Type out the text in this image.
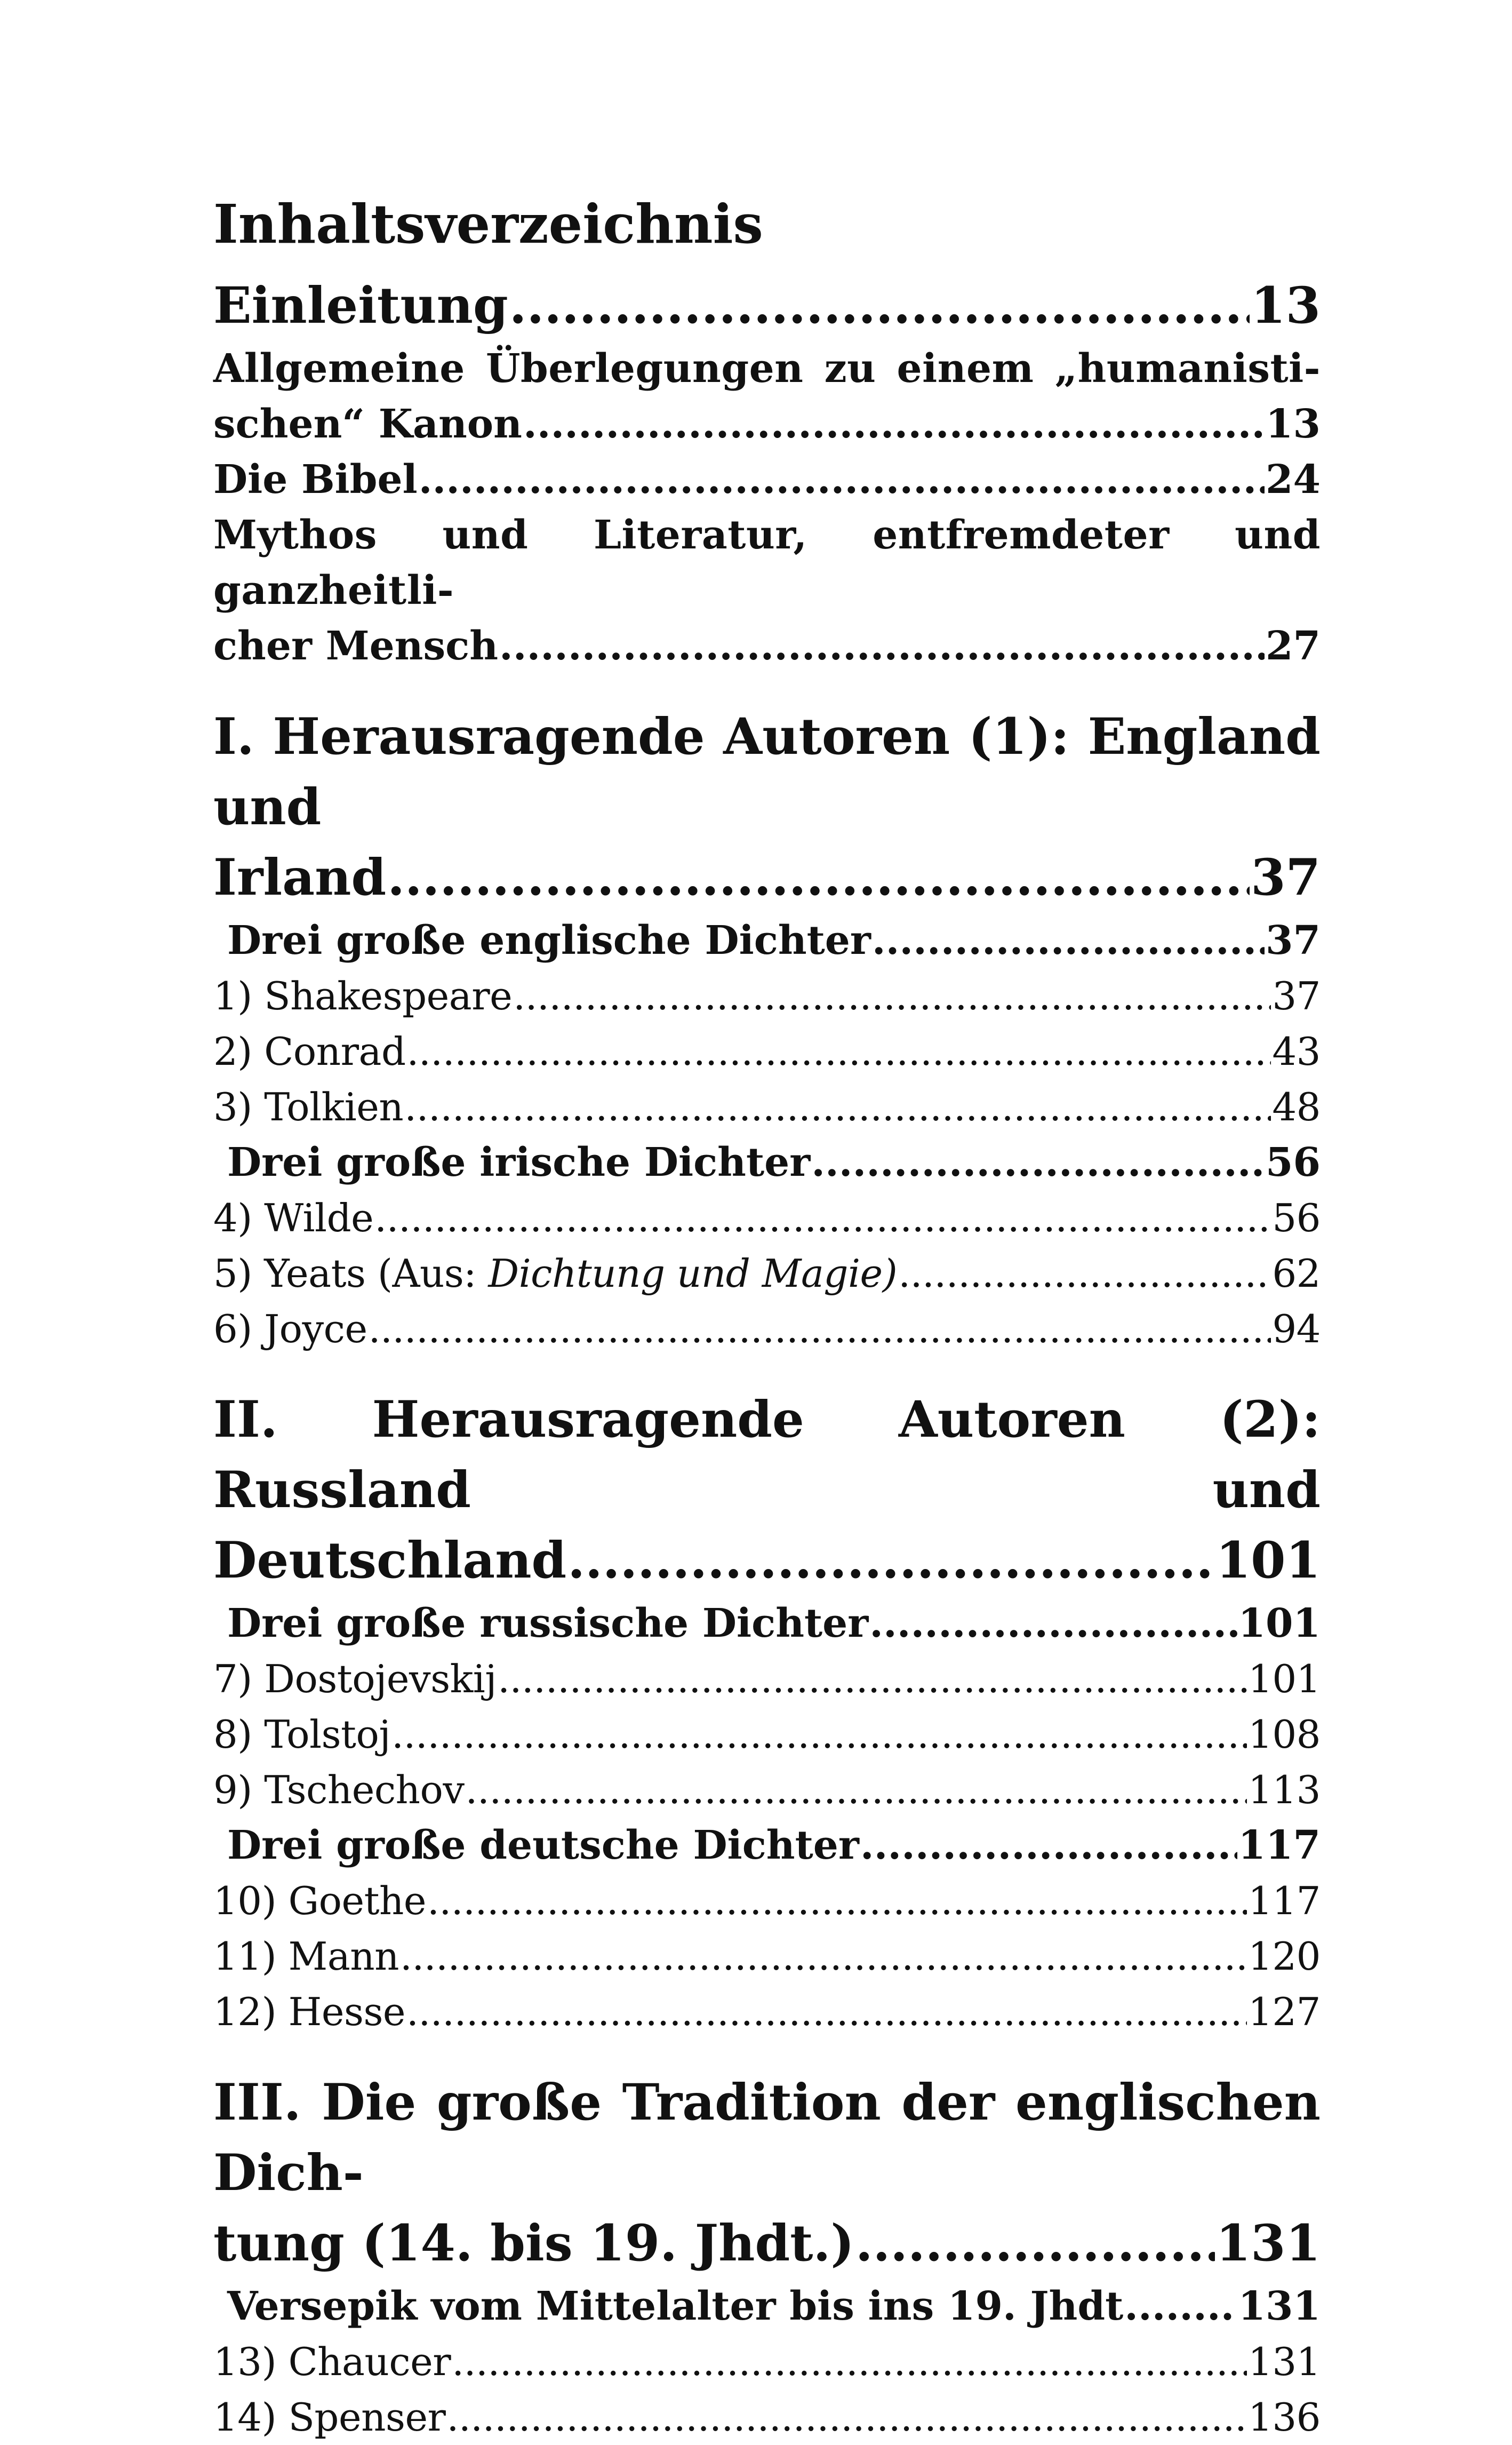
Inhaltsverzeichnis
Einleitung .....	13
Allgemeine Überlegungen zu einem „humanisti-
schen“ Kanon .....	13
Die Bibel .....	24
Mythos und Literatur, entfremdeter und ganzheitli-
cher Mensch .....	27
I. Herausragende Autoren (1): England und
Irland .....	37
Drei große englische Dichter .....	37
1) Shakespeare .....	37
2) Conrad .....	43
3) Tolkien .....	48
Drei große irische Dichter .....	56
4) Wilde .....	56
5) Yeats (Aus: Dichtung und Magie) .....	62
6) Joyce .....	94
II. Herausragende Autoren (2): Russland und
Deutschland .....	101
Drei große russische Dichter .....	101
7) Dostojevskij .....	101
8) Tolstoj .....	108
9) Tschechov .....	113
Drei große deutsche Dichter .....	117
10) Goethe .....	117
11) Mann .....	120
12) Hesse .....	127
III. Die große Tradition der englischen Dich-
tung (14. bis 19. Jhdt.) .....	131
Versepik vom Mittelalter bis ins 19. Jhdt .....	131
13) Chaucer .....	131
14) Spenser .....	136
